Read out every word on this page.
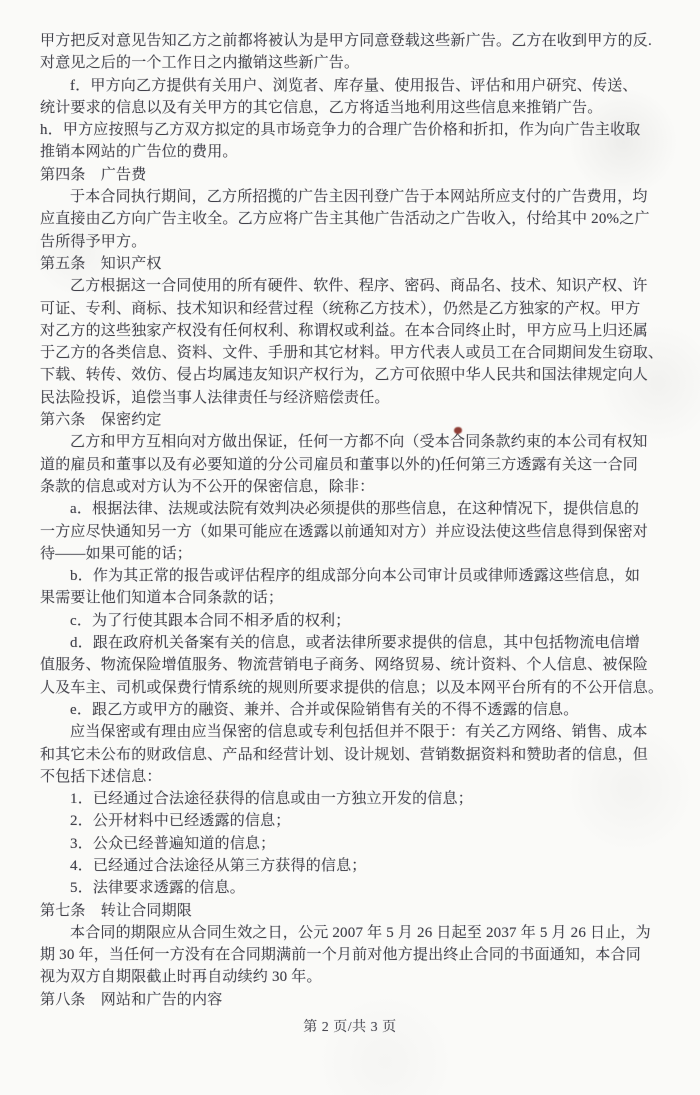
甲方把反对意见告知乙方之前都将被认为是甲方同意登载这些新广告。乙方在收到甲方的反.
对意见之后的一个工作日之内撤销这些新广告。
f．甲方向乙方提供有关用户、浏览者、库存量、使用报告、评估和用户研究、传送、
统计要求的信息以及有关甲方的其它信息，乙方将适当地利用这些信息来推销广告。
h．甲方应按照与乙方双方拟定的具市场竞争力的合理广告价格和折扣，作为向广告主收取
推销本网站的广告位的费用。
第四条　广告费
于本合同执行期间，乙方所招揽的广告主因刊登广告于本网站所应支付的广告费用，均
应直接由乙方向广告主收全。乙方应将广告主其他广告活动之广告收入，付给其中 20%之广
告所得予甲方。
第五条　知识产权
乙方根据这一合同使用的所有硬件、软件、程序、密码、商品名、技术、知识产权、许
可证、专利、商标、技术知识和经营过程（统称乙方技术），仍然是乙方独家的产权。甲方
对乙方的这些独家产权没有任何权利、称谓权或利益。在本合同终止时，甲方应马上归还属
于乙方的各类信息、资料、文件、手册和其它材料。甲方代表人或员工在合同期间发生窃取、
下载、转传、效仿、侵占均属违友知识产权行为，乙方可依照中华人民共和国法律规定向人
民法险投诉，追偿当事人法律责任与经济赔偿责任。
第六条　保密约定
乙方和甲方互相向对方做出保证，任何一方都不向（受本合同条款约束的本公司有权知
道的雇员和董事以及有必要知道的分公司雇员和董事以外的)任何第三方透露有关这一合同
条款的信息或对方认为不公开的保密信息，除非：
a．根据法律、法规或法院有效判决必须提供的那些信息，在这种情况下，提供信息的
一方应尽快通知另一方（如果可能应在透露以前通知对方）并应设法使这些信息得到保密对
待——如果可能的话；
b．作为其正常的报告或评估程序的组成部分向本公司审计员或律师透露这些信息，如
果需要让他们知道本合同条款的话；
c．为了行使其跟本合同不相矛盾的权利；
d．跟在政府机关备案有关的信息，或者法律所要求提供的信息，其中包括物流电信增
值服务、物流保险增值服务、物流营销电子商务、网络贸易、统计资料、个人信息、被保险
人及车主、司机或保费行情系统的规则所要求提供的信息；以及本网平台所有的不公开信息。
e．跟乙方或甲方的融资、兼并、合并或保险销售有关的不得不透露的信息。
应当保密或有理由应当保密的信息或专利包括但并不限于：有关乙方网络、销售、成本
和其它未公布的财政信息、产品和经营计划、设计规划、营销数据资料和赞助者的信息，但
不包括下述信息：
1．已经通过合法途径获得的信息或由一方独立开发的信息；
2．公开材料中已经透露的信息；
3．公众已经普遍知道的信息；
4．已经通过合法途径从第三方获得的信息；
5．法律要求透露的信息。
第七条　转让合同期限
本合同的期限应从合同生效之日，公元 2007 年 5 月 26 日起至 2037 年 5 月 26 日止，为
期 30 年，当任何一方没有在合同期满前一个月前对他方提出终止合同的书面通知，本合同
视为双方自期限截止时再自动续约 30 年。
第八条　网站和广告的内容
第 2 页/共 3 页
